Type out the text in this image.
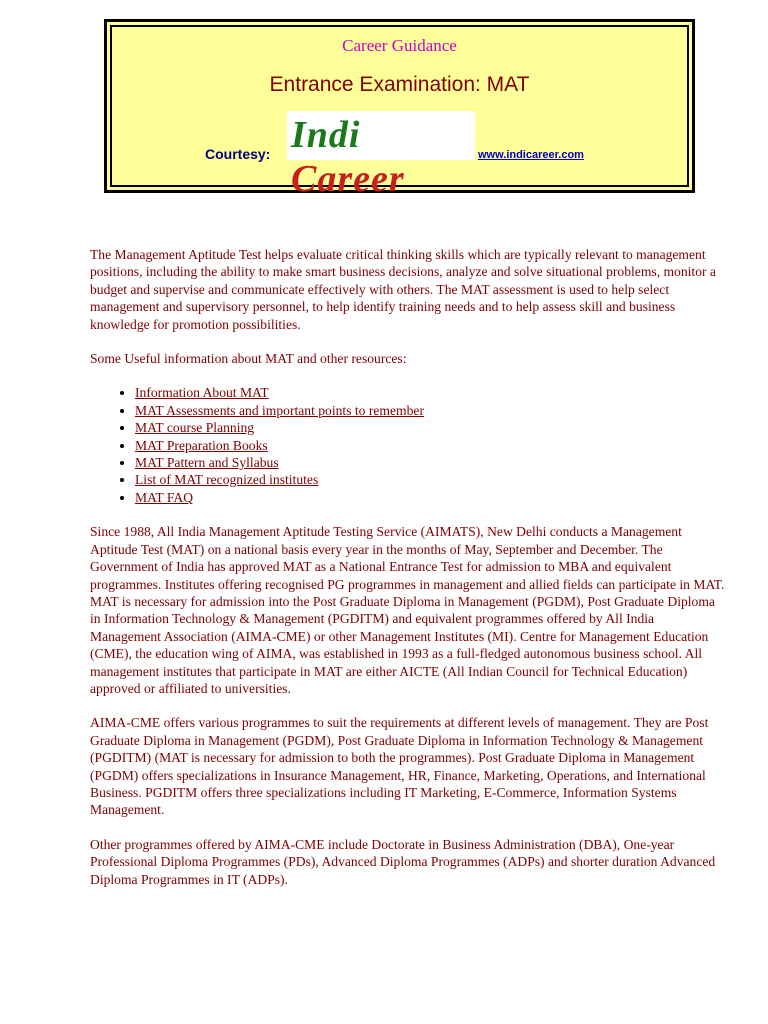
Career Guidance
Entrance Examination: MAT
Courtesy: Indi Career
www.indicareer.com

The Management Aptitude Test helps evaluate critical thinking skills which are typically relevant to management positions, including the ability to make smart business decisions, analyze and solve situational problems, monitor a budget and supervise and communicate effectively with others. The MAT assessment is used to help select management and supervisory personnel, to help identify training needs and to help assess skill and business knowledge for promotion possibilities.

Some Useful information about MAT and other resources:

• Information About MAT
• MAT Assessments and important points to remember
• MAT course Planning
• MAT Preparation Books
• MAT Pattern and Syllabus
• List of MAT recognized institutes
• MAT FAQ

Since 1988, All India Management Aptitude Testing Service (AIMATS), New Delhi conducts a Management Aptitude Test (MAT) on a national basis every year in the months of May, September and December. The Government of India has approved MAT as a National Entrance Test for admission to MBA and equivalent programmes. Institutes offering recognised PG programmes in management and allied fields can participate in MAT. MAT is necessary for admission into the Post Graduate Diploma in Management (PGDM), Post Graduate Diploma in Information Technology & Management (PGDITM) and equivalent programmes offered by All India Management Association (AIMA-CME) or other Management Institutes (MI). Centre for Management Education (CME), the education wing of AIMA, was established in 1993 as a full-fledged autonomous business school. All management institutes that participate in MAT are either AICTE (All Indian Council for Technical Education) approved or affiliated to universities.

AIMA-CME offers various programmes to suit the requirements at different levels of management. They are Post Graduate Diploma in Management (PGDM), Post Graduate Diploma in Information Technology & Management (PGDITM) (MAT is necessary for admission to both the programmes). Post Graduate Diploma in Management (PGDM) offers specializations in Insurance Management, HR, Finance, Marketing, Operations, and International Business. PGDITM offers three specializations including IT Marketing, E-Commerce, Information Systems Management.

Other programmes offered by AIMA-CME include Doctorate in Business Administration (DBA), One-year Professional Diploma Programmes (PDs), Advanced Diploma Programmes (ADPs) and shorter duration Advanced Diploma Programmes in IT (ADPs).
